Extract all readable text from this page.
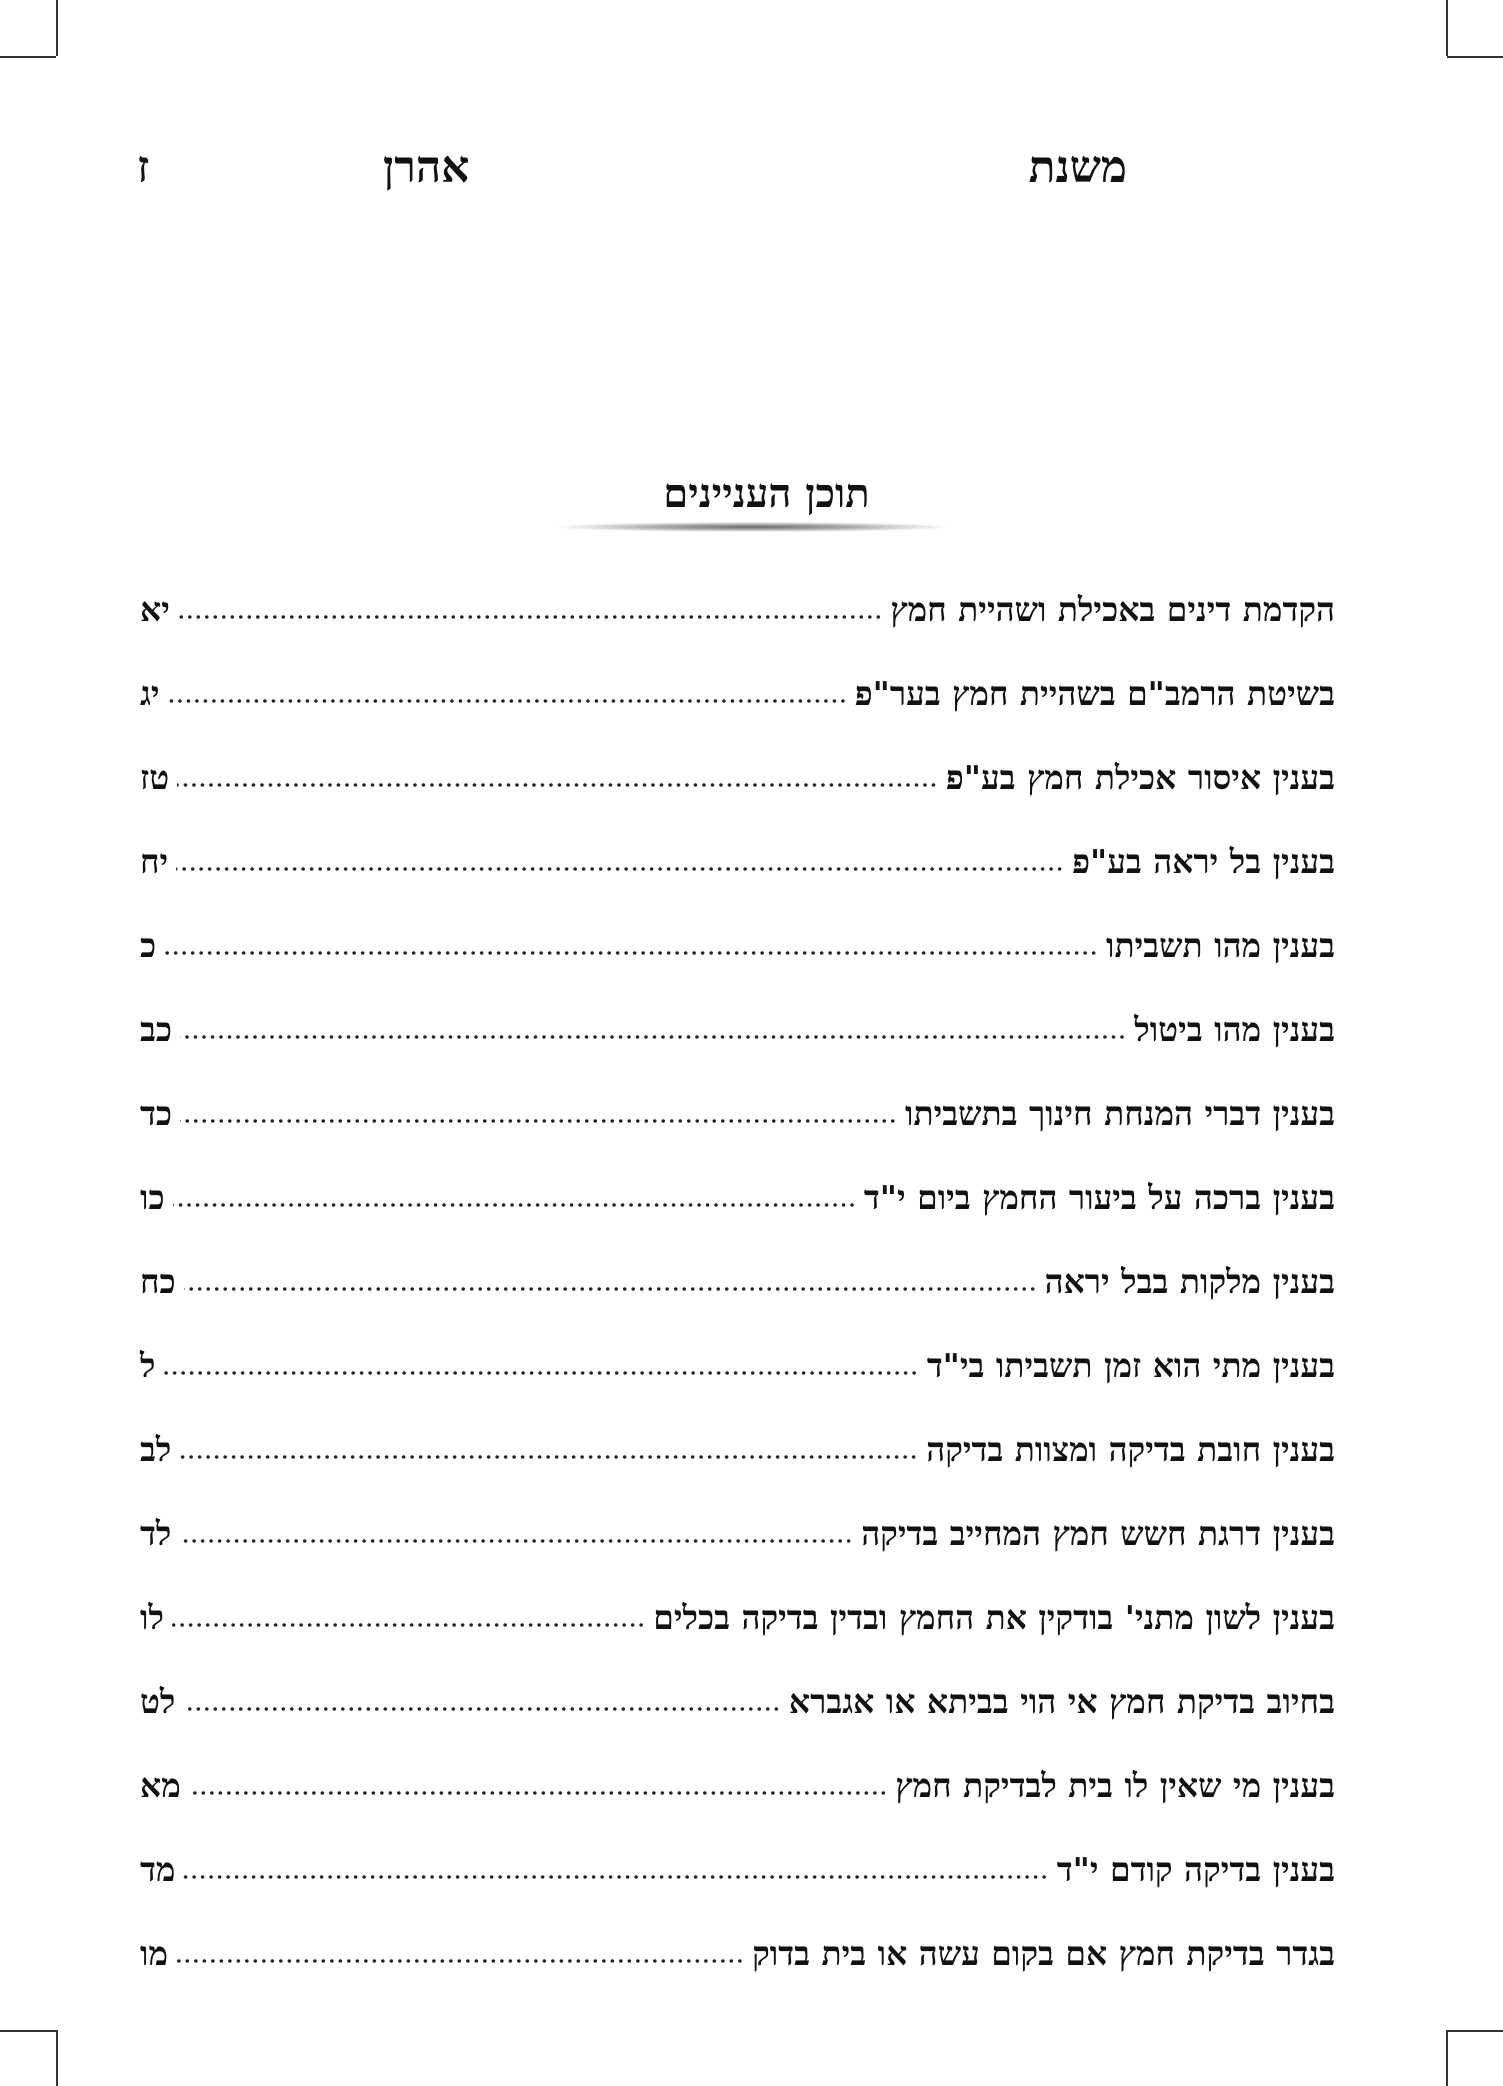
משנת
אהרן
ז
תוכן העניינים
הקדמת דינים באכילת ושהיית חמץ
יא
בשיטת הרמב"ם בשהיית חמץ בער"פ
יג
בענין איסור אכילת חמץ בע"פ
טז
בענין בל יראה בע"פ
יח
בענין מהו תשביתו
כ
בענין מהו ביטול
כב
בענין דברי המנחת חינוך בתשביתו
כד
בענין ברכה על ביעור החמץ ביום י"ד
כו
בענין מלקות בבל יראה
כח
בענין מתי הוא זמן תשביתו בי"ד
ל
בענין חובת בדיקה ומצוות בדיקה
לב
בענין דרגת חשש חמץ המחייב בדיקה
לד
בענין לשון מתני' בודקין את החמץ ובדין בדיקה בכלים
לו
בחיוב בדיקת חמץ אי הוי בביתא או אגברא
לט
בענין מי שאין לו בית לבדיקת חמץ
מא
בענין בדיקה קודם י"ד
מד
בגדר בדיקת חמץ אם בקום עשה או בית בדוק
מו
